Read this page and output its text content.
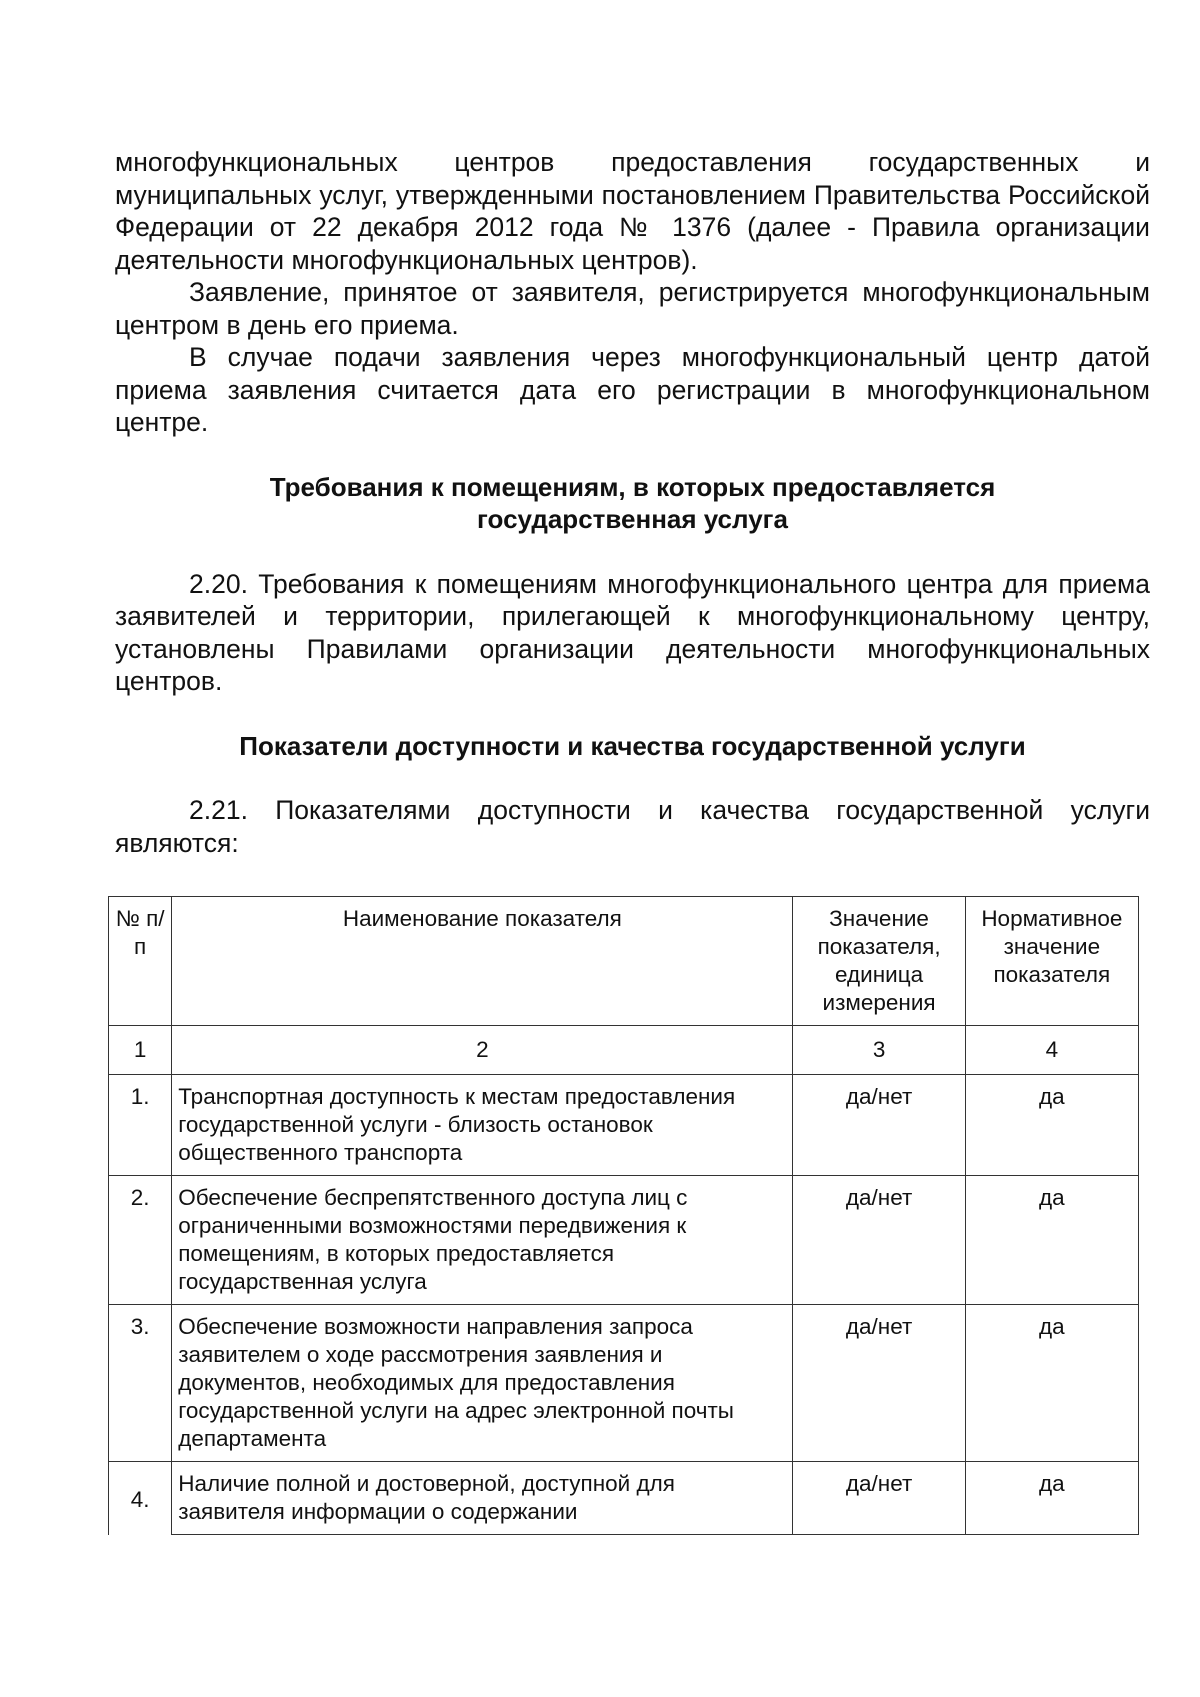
многофункциональных центров предоставления государственных и муниципальных услуг, утвержденными постановлением Правительства Российской Федерации от 22 декабря 2012 года № 1376 (далее - Правила организации деятельности многофункциональных центров).

Заявление, принятое от заявителя, регистрируется многофункциональным центром в день его приема.

В случае подачи заявления через многофункциональный центр датой приема заявления считается дата его регистрации в многофункциональном центре.

Требования к помещениям, в которых предоставляется

государственная услуга

2.20. Требования к помещениям многофункционального центра для приема заявителей и территории, прилегающей к многофункциональному центру, установлены Правилами организации деятельности многофункциональных центров.

Показатели доступности и качества государственной услуги

2.21. Показателями доступности и качества государственной услуги являются:

№ п/п	Наименование показателя	Значение показателя, единица измерения	Нормативное значение показателя
1	2	3	4
1.	Транспортная доступность к местам предоставления государственной услуги - близость остановок общественного транспорта	да/нет	да
2.	Обеспечение беспрепятственного доступа лиц с ограниченными возможностями передвижения к помещениям, в которых предоставляется государственная услуга	да/нет	да
3.	Обеспечение возможности направления запроса заявителем о ходе рассмотрения заявления и документов, необходимых для предоставления государственной услуги на адрес электронной почты департамента	да/нет	да
4.	Наличие полной и достоверной, доступной для заявителя информации о содержании	да/нет	да
